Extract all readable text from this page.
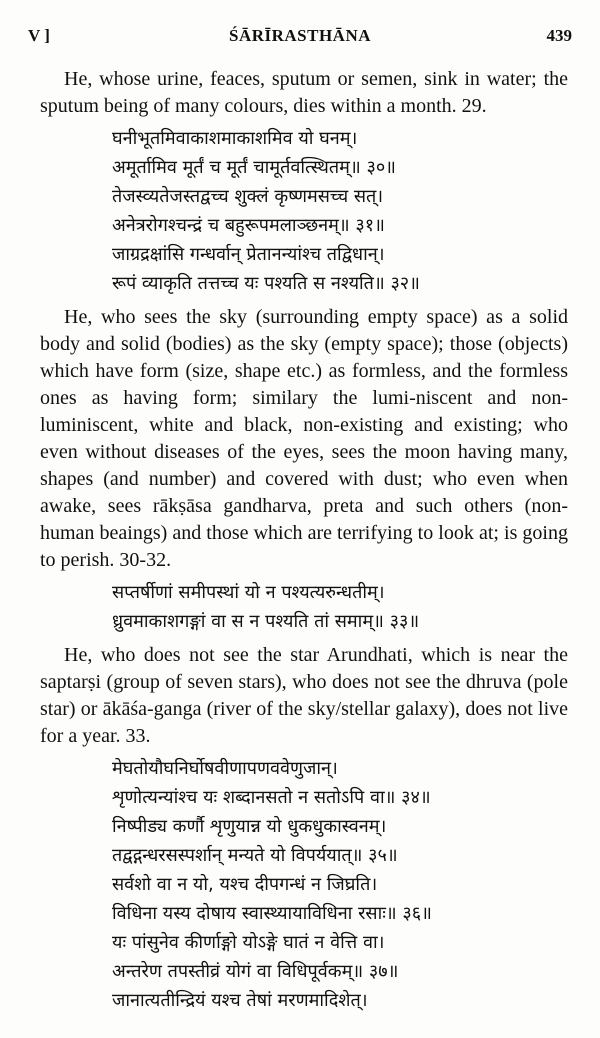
V ]	ŚĀRĪRASTHĀNA	439

He, whose urine, feaces, sputum or semen, sink in water; the sputum being of many colours, dies within a month. 29.

घनीभूतमिवाकाशमाकाशमिव यो घनम्।
अमूर्तामिव मूर्तं च मूर्तं चामूर्तवत्स्थितम्॥ ३०॥
तेजस्व्यतेजस्तद्वच्च शुक्लं कृष्णमसच्च सत्।
अनेत्ररोगश्चन्द्रं च बहुरूपमलाञ्छनम्॥ ३१॥
जाग्रद्रक्षांसि गन्धर्वान् प्रेतानन्यांश्च तद्विधान्।
रूपं व्याकृति तत्तच्च यः पश्यति स नश्यति॥ ३२॥

He, who sees the sky (surrounding empty space) as a solid body and solid (bodies) as the sky (empty space); those (objects) which have form (size, shape etc.) as formless, and the formless ones as having form; similary the lumi-niscent and non-luminiscent, white and black, non-existing and existing; who even without diseases of the eyes, sees the moon having many, shapes (and number) and covered with dust; who even when awake, sees rākṣāsa gandharva, preta and such others (non-human beaings) and those which are terrifying to look at; is going to perish. 30-32.

सप्तर्षीणां समीपस्थां यो न पश्यत्यरुन्धतीम्।
ध्रुवमाकाशगङ्गां वा स न पश्यति तां समाम्॥ ३३॥

He, who does not see the star Arundhati, which is near the saptarṣi (group of seven stars), who does not see the dhruva (pole star) or ākāśa-ganga (river of the sky/stellar galaxy), does not live for a year. 33.

मेघतोयौघनिर्घोषवीणापणववेणुजान्।
शृणोत्यन्यांश्च यः शब्दानसतो न सतोऽपि वा॥ ३४॥
निष्पीड्य कर्णौ शृणुयान्न यो धुकधुकास्वनम्।
तद्वद्गन्धरसस्पर्शान् मन्यते यो विपर्ययात्॥ ३५॥
सर्वशो वा न यो, यश्च दीपगन्धं न जिघ्रति।
विधिना यस्य दोषाय स्वास्थ्यायाविधिना रसाः॥ ३६॥
यः पांसुनेव कीर्णाङ्गो योऽङ्गे घातं न वेत्ति वा।
अन्तरेण तपस्तीव्रं योगं वा विधिपूर्वकम्॥ ३७॥
जानात्यतीन्द्रियं यश्च तेषां मरणमादिशेत्।
